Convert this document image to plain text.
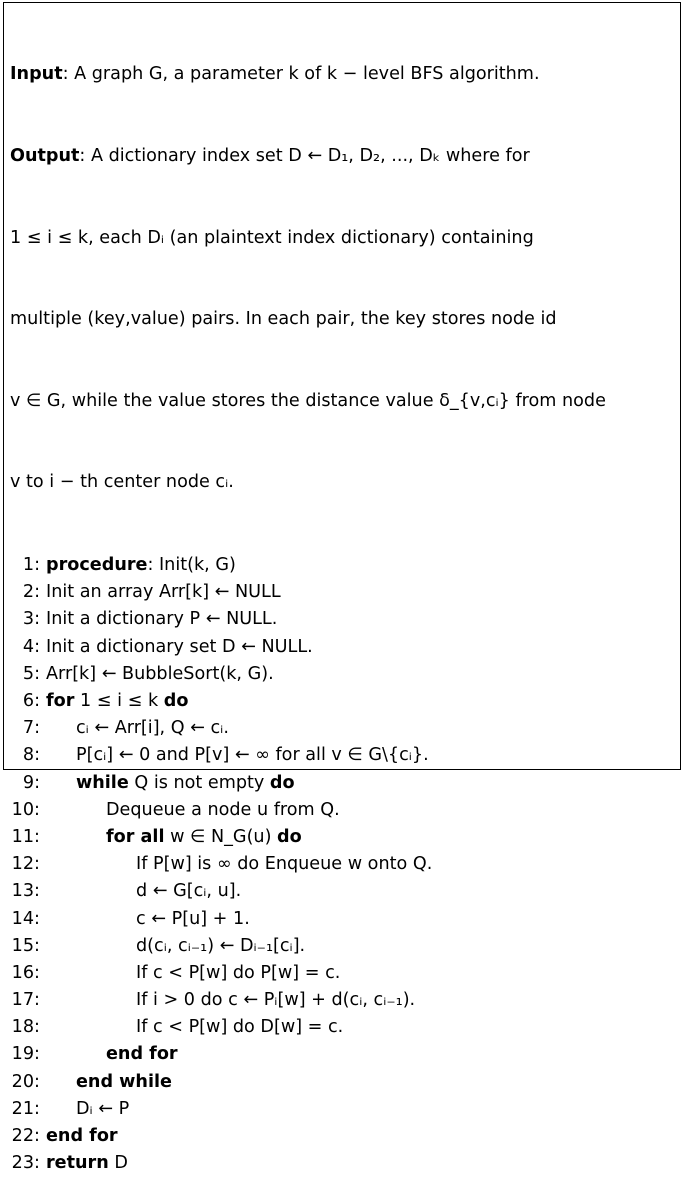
Input: A graph G, a parameter k of k − level BFS algorithm.

Output: A dictionary index set D ← D₁, D₂, ..., Dₖ where for

1 ≤ i ≤ k, each Dᵢ (an plaintext index dictionary) containing

multiple (key,value) pairs. In each pair, the key stores node id

v ∈ G, while the value stores the distance value δ_{v,cᵢ} from node

v to i − th center node cᵢ.

1: procedure: Init(k, G)
2: Init an array Arr[k] ← NULL
3: Init a dictionary P ← NULL.
4: Init a dictionary set D ← NULL.
5: Arr[k] ← BubbleSort(k, G).
6: for 1 ≤ i ≤ k do
7:	cᵢ ← Arr[i], Q ← cᵢ.
8:	P[cᵢ] ← 0 and P[v] ← ∞ for all v ∈ G\{cᵢ}.
9:	while Q is not empty do
10:	Dequeue a node u from Q.
11:	for all w ∈ N_G(u) do
12:	If P[w] is ∞ do Enqueue w onto Q.
13:	d ← G[cᵢ, u].
14:	c ← P[u] + 1.
15:	d(cᵢ, cᵢ₋₁) ← Dᵢ₋₁[cᵢ].
16:	If c < P[w] do P[w] = c.
17:	If i > 0 do c ← Pᵢ[w] + d(cᵢ, cᵢ₋₁).
18:	If c < P[w] do D[w] = c.
19:	end for
20:	end while
21:	Dᵢ ← P
22: end for
23: return D
